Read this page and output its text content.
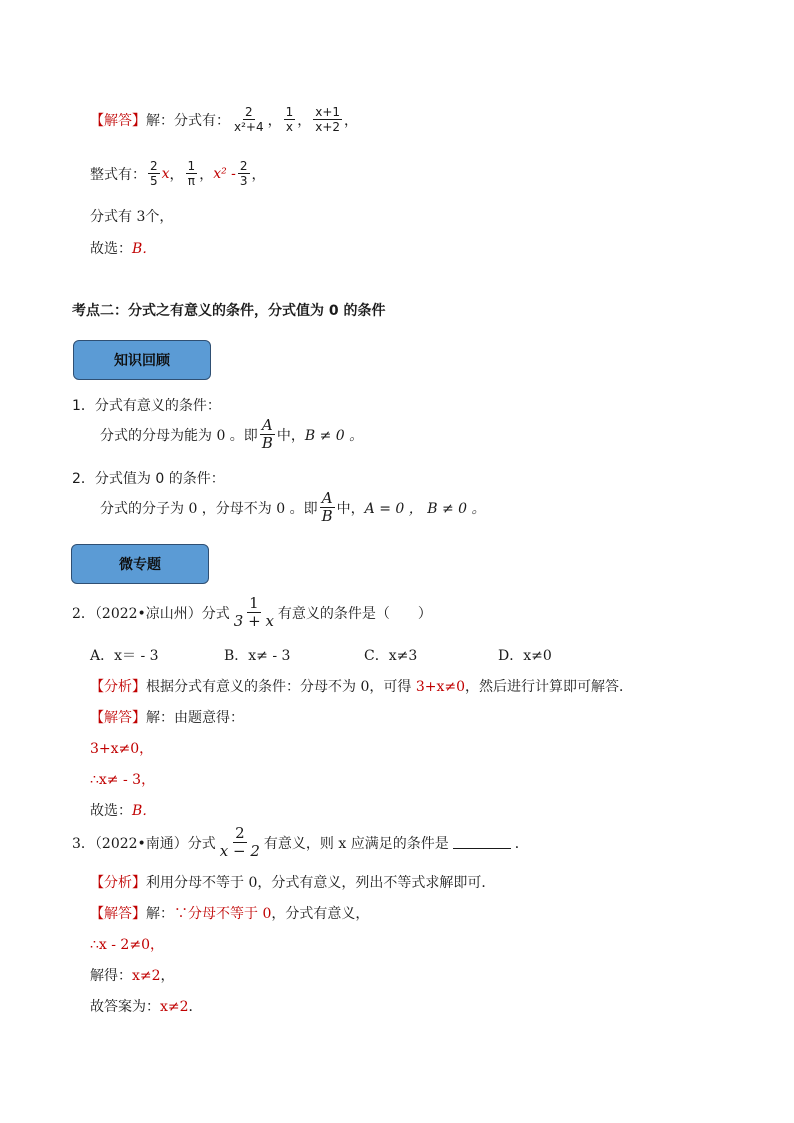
【解答】 解： 分式有： $\frac{2}{\text{x²+4}}$ ， $\frac{1}{x}$ ， $\frac{x+1}{x+2}$ ，
整式有： $\frac{2}{5}$ x ， $\frac{1}{\pi}$ ， $x^2 - \frac{2}{3}$ ，
分式有 3个，
故选：B．
考点二：分式之有意义的条件，分式值为 0 的条件
知识回顾
1．分式有意义的条件：
分式的分母为能为 0 。即 $\frac{A}{B}$ 中， B ≠ 0 。
2．分式值为 0 的条件：
分式的分子为 0 ，分母不为 0 。即 $\frac{A}{B}$ 中， A = 0 ， B ≠ 0 。
微专题
2．（2022•凉山州）分式 $\frac{1}{3 + x}$ 有意义的条件是（　　）
A．x＝ - 3	B．x≠ - 3	C．x≠3	D．x≠0
【分析】根据分式有意义的条件：分母不为 0，可得 3+x≠0，然后进行计算即可解答．
【解答】解：由题意得：
3+x≠0，
∴x≠ - 3，
故选：B．
3．（2022•南通）分式 $\frac{2}{x - 2}$ 有意义，则 x 应满足的条件是	．
【分析】利用分母不等于 0，分式有意义，列出不等式求解即可．
【解答】解：∵分母不等于 0，分式有意义，
∴x - 2≠0，
解得：x≠2，
故答案为：x≠2．
